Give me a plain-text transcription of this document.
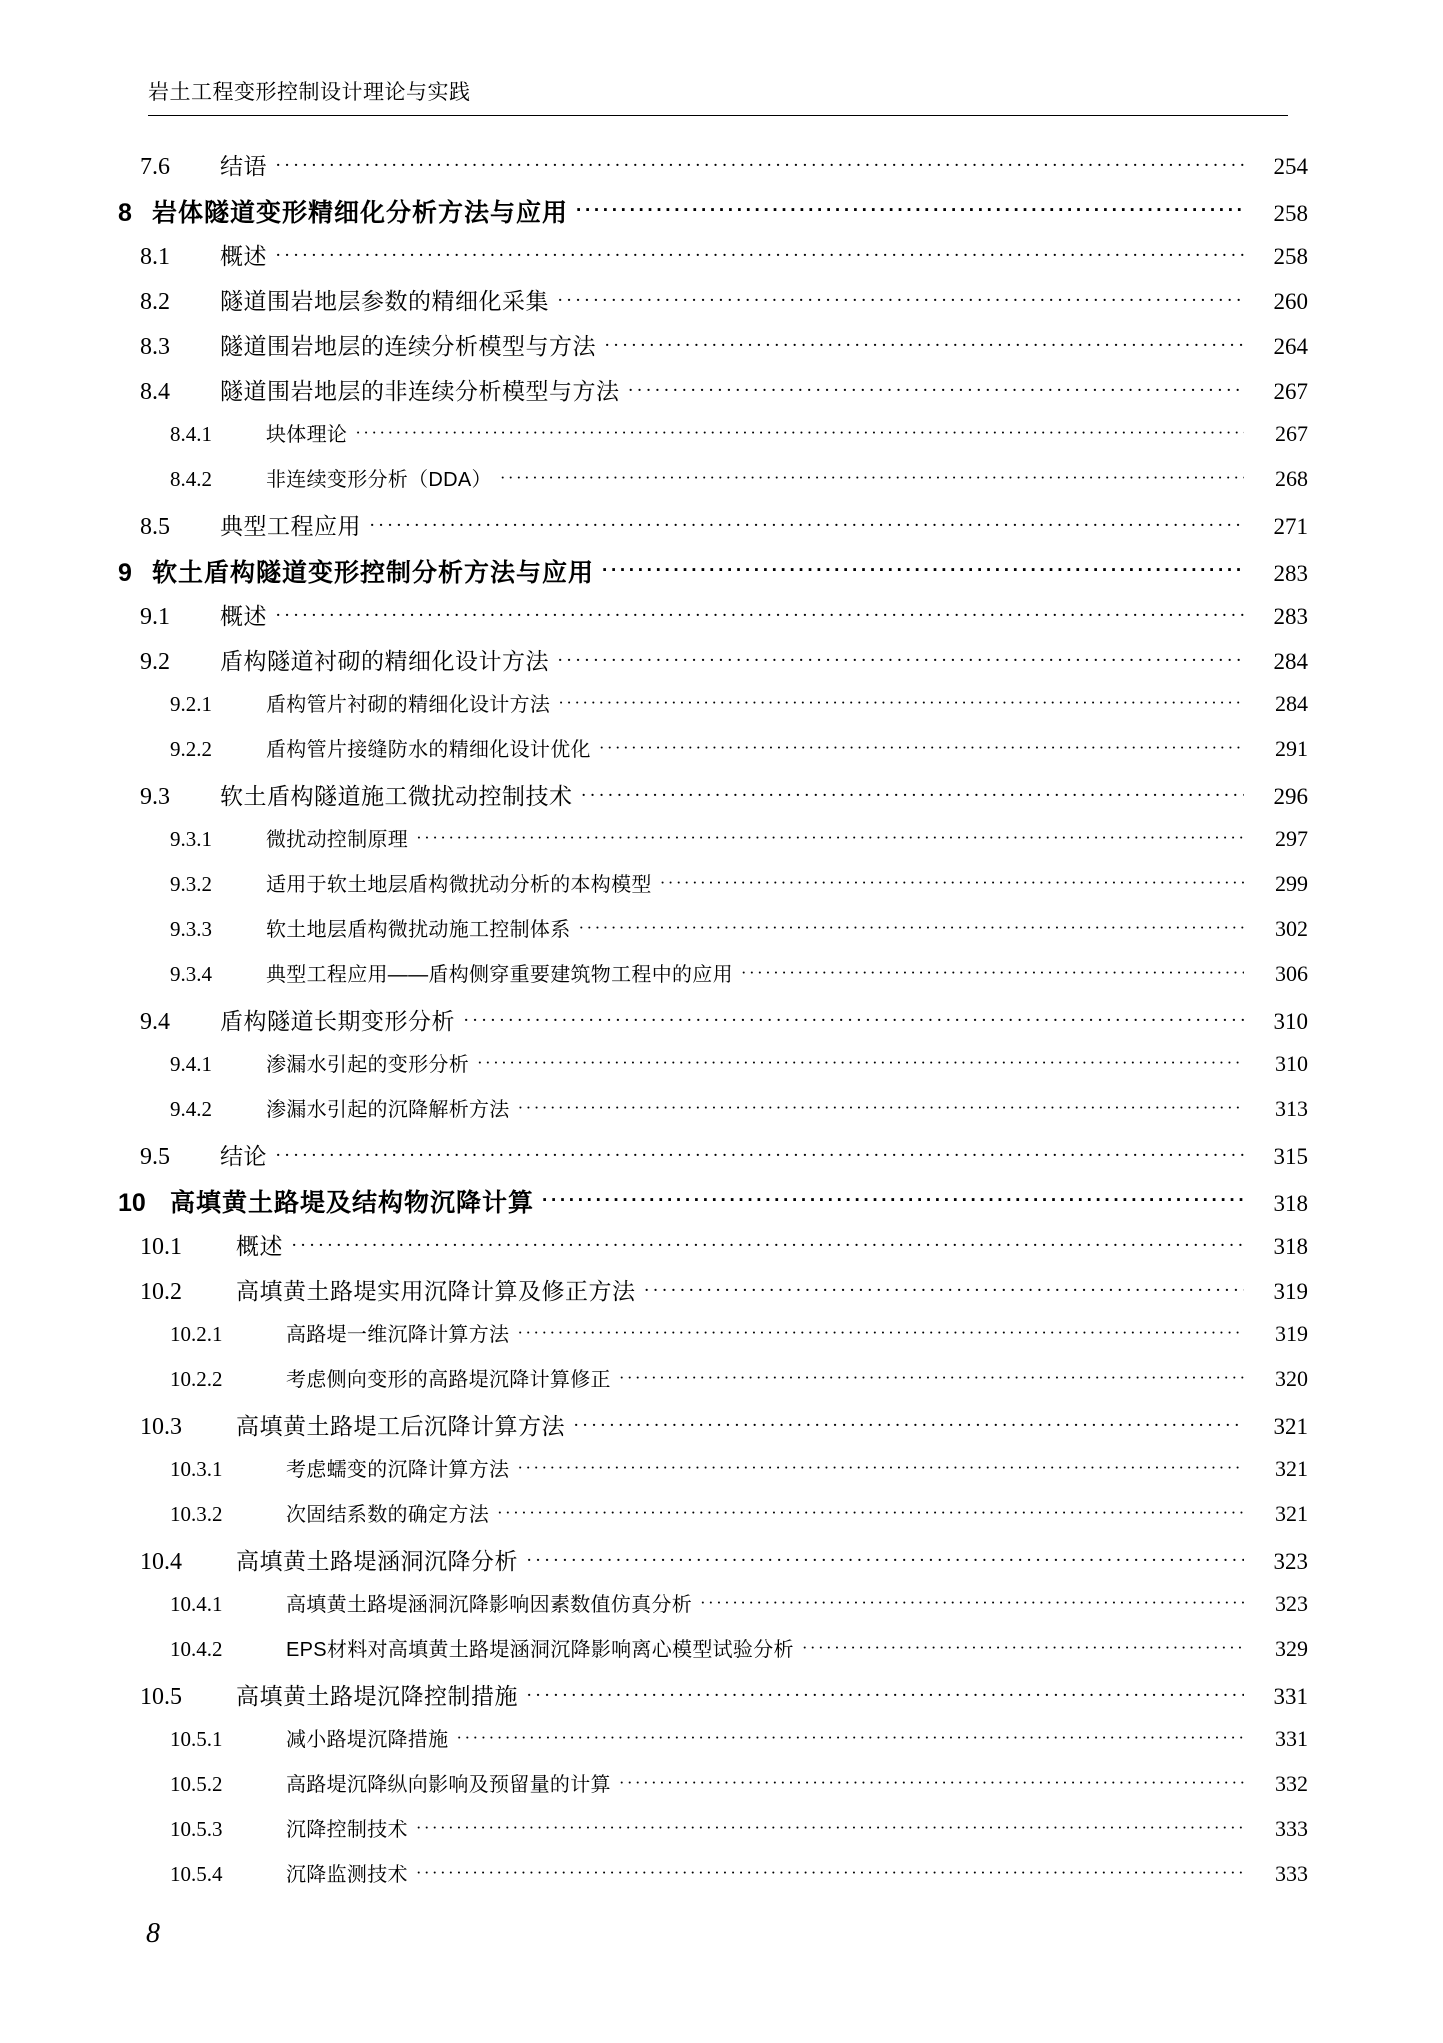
岩土工程变形控制设计理论与实践
7.6	结语 ·····	254
8 岩体隧道变形精细化分析方法与应用 ·····	258
8.1	概述 ·····	258
8.2	隧道围岩地层参数的精细化采集 ·····	260
8.3	隧道围岩地层的连续分析模型与方法 ·····	264
8.4	隧道围岩地层的非连续分析模型与方法 ·····	267
8.4.1	块体理论 ·····	267
8.4.2	非连续变形分析（DDA） ·····	268
8.5	典型工程应用 ·····	271
9 软土盾构隧道变形控制分析方法与应用 ·····	283
9.1	概述 ·····	283
9.2	盾构隧道衬砌的精细化设计方法 ·····	284
9.2.1	盾构管片衬砌的精细化设计方法 ·····	284
9.2.2	盾构管片接缝防水的精细化设计优化 ·····	291
9.3	软土盾构隧道施工微扰动控制技术 ·····	296
9.3.1	微扰动控制原理 ·····	297
9.3.2	适用于软土地层盾构微扰动分析的本构模型 ·····	299
9.3.3	软土地层盾构微扰动施工控制体系 ·····	302
9.3.4	典型工程应用——盾构侧穿重要建筑物工程中的应用 ·····	306
9.4	盾构隧道长期变形分析 ·····	310
9.4.1	渗漏水引起的变形分析 ·····	310
9.4.2	渗漏水引起的沉降解析方法 ·····	313
9.5	结论 ·····	315
10 高填黄土路堤及结构物沉降计算 ·····	318
10.1	概述 ·····	318
10.2	高填黄土路堤实用沉降计算及修正方法 ·····	319
10.2.1	高路堤一维沉降计算方法 ·····	319
10.2.2	考虑侧向变形的高路堤沉降计算修正 ·····	320
10.3	高填黄土路堤工后沉降计算方法 ·····	321
10.3.1	考虑蠕变的沉降计算方法 ·····	321
10.3.2	次固结系数的确定方法 ·····	321
10.4	高填黄土路堤涵洞沉降分析 ·····	323
10.4.1	高填黄土路堤涵洞沉降影响因素数值仿真分析 ·····	323
10.4.2	EPS材料对高填黄土路堤涵洞沉降影响离心模型试验分析 ·····	329
10.5	高填黄土路堤沉降控制措施 ·····	331
10.5.1	减小路堤沉降措施 ·····	331
10.5.2	高路堤沉降纵向影响及预留量的计算 ·····	332
10.5.3	沉降控制技术 ·····	333
10.5.4	沉降监测技术 ·····	333
8
